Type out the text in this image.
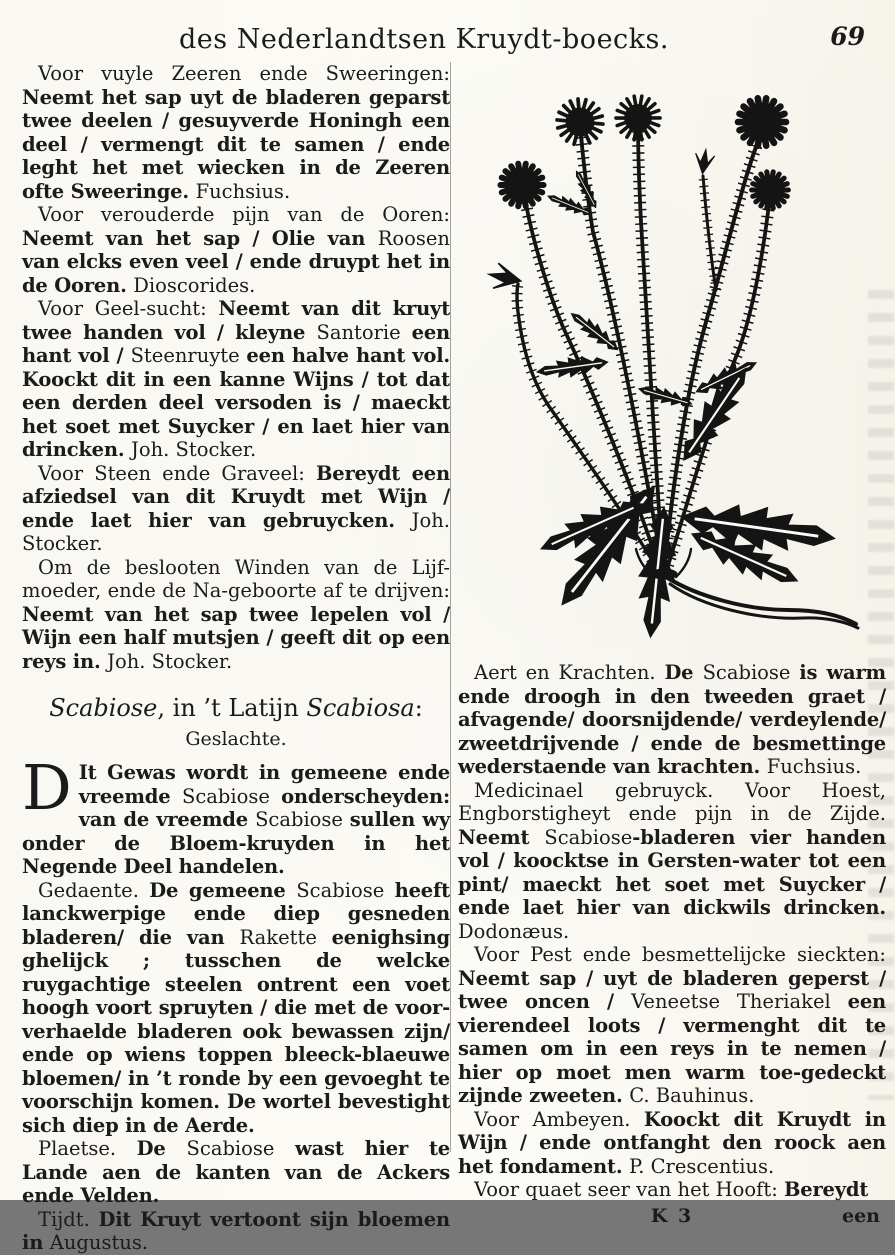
des Nederlandtsen Kruydt-boecks.	69

Voor vuyle Zeeren ende Sweeringen: Neemt het sap uyt de bladeren geparst twee deelen / gesuyverde Honingh een deel / vermengt dit te samen / ende leght het met wiecken in de Zeeren ofte Sweeringe. Fuchsius.

Voor verouderde pijn van de Ooren: Neemt van het sap / Olie van Roosen van elcks even veel / ende druypt het in de Ooren. Dioscorides.

Voor Geel-sucht: Neemt van dit kruyt twee handen vol / kleyne Santorie een hant vol / Steenruyte een halve hant vol. Koockt dit in een kanne Wijns / tot dat een derden deel versoden is / maeckt het soet met Suycker / en laet hier van drincken. Joh. Stocker.

Voor Steen ende Graveel: Bereydt een afziedsel van dit Kruydt met Wijn / ende laet hier van gebruycken. Joh. Stocker.

Om de beslooten Winden van de Lijf-moeder, ende de Na-geboorte af te drijven: Neemt van het sap twee lepelen vol / Wijn een half mutsjen / geeft dit op een reys in. Joh. Stocker.

Scabiose, in ’t Latijn Scabiosa:
Geslachte.

D It Gewas wordt in gemeene ende vreemde Scabiose onderscheyden: van de vreemde Scabiose sullen wy onder de Bloem-kruyden in het Negende Deel handelen.

Gedaente. De gemeene Scabiose heeft lanckwerpige ende diep gesneden bladeren/ die van Rakette eenighsing ghelijck ; tusschen de welcke ruygachtige steelen ontrent een voet hoogh voort spruyten / die met de voor-verhaelde bladeren ook bewassen zijn/ ende op wiens toppen bleeck-blaeuwe bloemen/ in ’t ronde by een gevoeght te voorschijn komen. De wortel bevestight sich diep in de Aerde.

Plaetse. De Scabiose wast hier te Lande aen de kanten van de Ackers ende Velden.

Tijdt. Dit Kruyt vertoont sijn bloemen in Augustus.

Aert en Krachten. De Scabiose is warm ende droogh in den tweeden graet / afvagende/ doorsnijdende/ verdeylende/ zweetdrijvende / ende de besmettinge wederstaende van krachten. Fuchsius.

Medicinael gebruyck. Voor Hoest, Engborstigheyt ende pijn in de Zijde. Neemt Scabiose-bladeren vier handen vol / koocktse in Gersten-water tot een pint/ maeckt het soet met Suycker / ende laet hier van dickwils drincken. Dodonæus.

Voor Pest ende besmettelijcke sieckten: Neemt sap / uyt de bladeren geperst / twee oncen / Veneetse Theriakel een vierendeel loots / vermenght dit te samen om in een reys in te nemen / hier op moet men warm toe-gedeckt zijnde zweeten. C. Bauhinus.

Voor Ambeyen. Koockt dit Kruydt in Wijn / ende ontfanght den roock aen het fondament. P. Crescentius.

Voor quaet seer van het Hooft: Bereydt

K 3	een
